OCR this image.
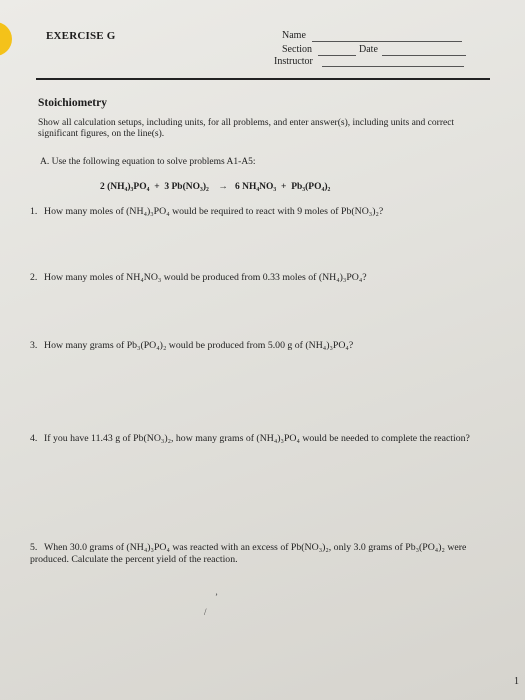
EXERCISE G	Name
Section	Date
Instructor
Stoichiometry
Show all calculation setups, including units, for all problems, and enter answer(s), including units and correct significant figures, on the line(s).
A. Use the following equation to solve problems A1-A5:
2 (NH₄)₃PO₄  +  3 Pb(NO₃)₂    →   6 NH₄NO₃  +  Pb₃(PO₄)₂
1. How many moles of (NH₄)₃PO₄ would be required to react with 9 moles of Pb(NO₃)₂?
2. How many moles of NH₄NO₃ would be produced from 0.33 moles of (NH₄)₃PO₄?
3. How many grams of Pb₃(PO₄)₂ would be produced from 5.00 g of (NH₄)₃PO₄?
4. If you have 11.43 g of Pb(NO₃)₂, how many grams of (NH₄)₃PO₄ would be needed to complete the reaction?
5. When 30.0 grams of (NH₄)₃PO₄ was reacted with an excess of Pb(NO₃)₂, only 3.0 grams of Pb₃(PO₄)₂ were produced. Calculate the percent yield of the reaction.
ʼ
/
1
